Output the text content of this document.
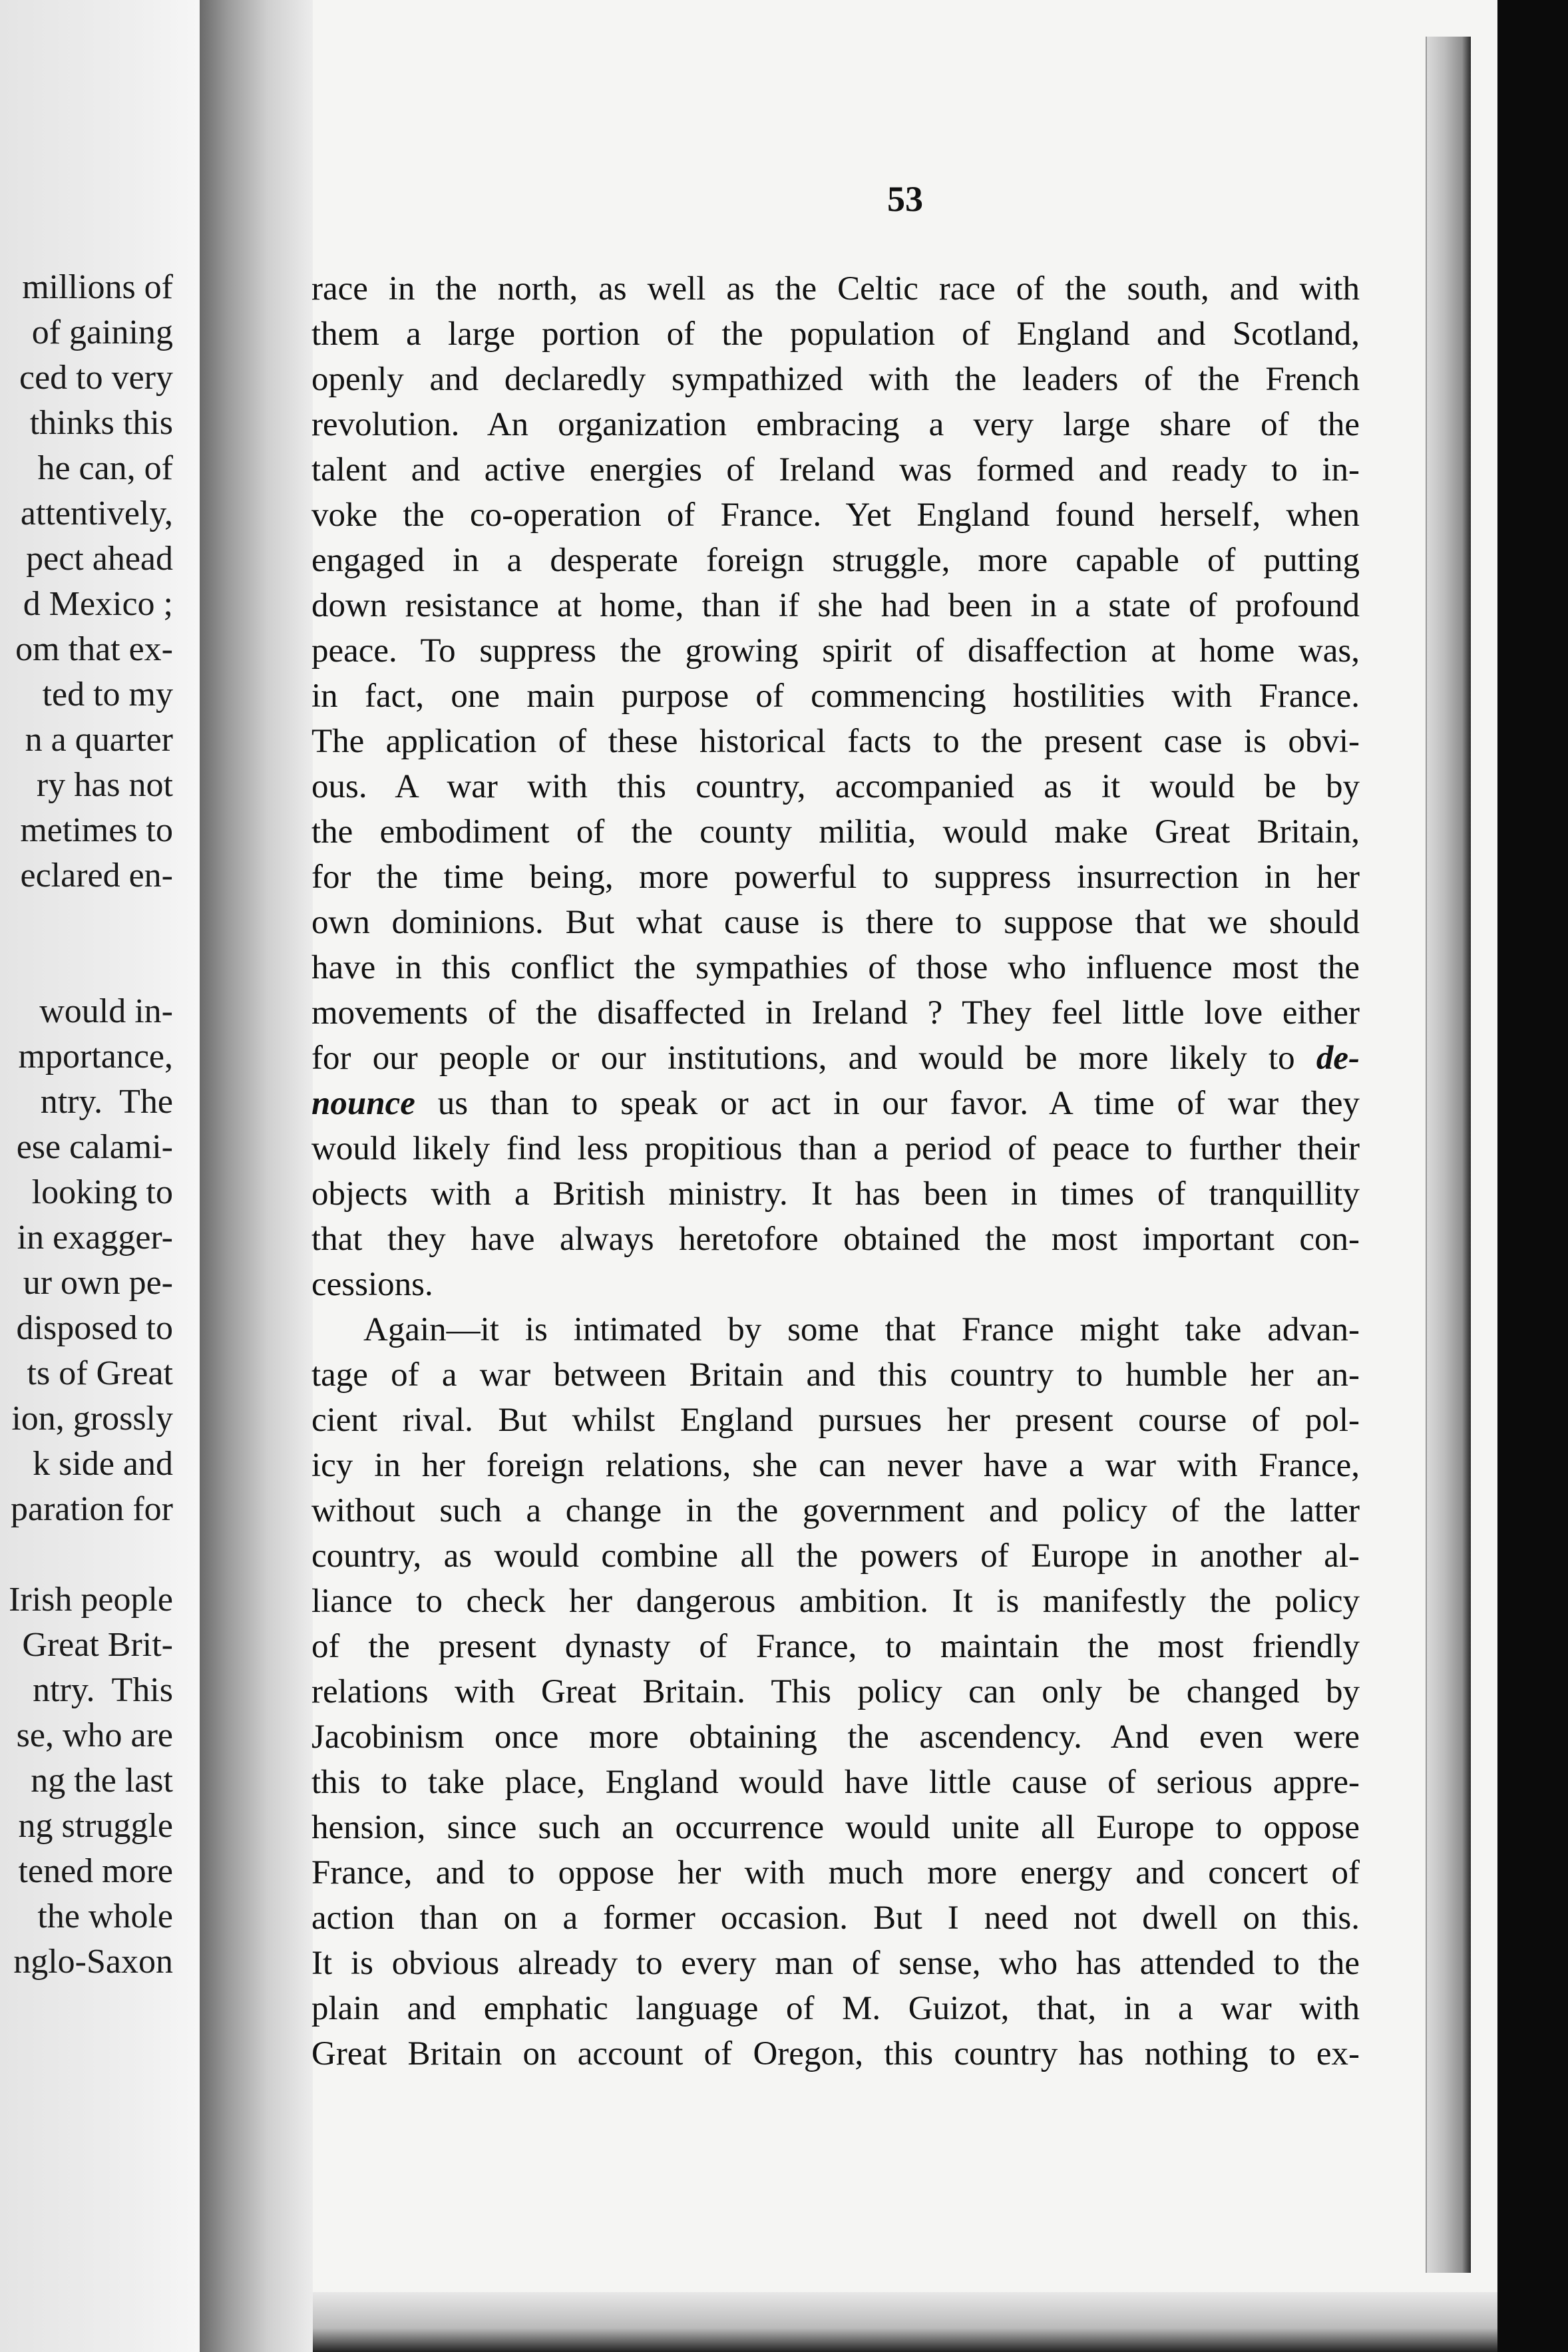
millions of
of gaining
ced to very
thinks this
he can, of
attentively,
pect ahead
d Mexico ;
om that ex-
ted to my
n a quarter
ry has not
metimes to
eclared en-
would in-
mportance,
ntry.  The
ese calami-
looking to
in exagger-
ur own pe-
disposed to
ts of Great
ion, grossly
k side and
paration for
Irish people
Great Brit-
ntry.  This
se, who are
ng the last
ng struggle
tened more
the whole
nglo-Saxon
53
race in the north, as well as the Celtic race of the south, and with
them a large portion of the population of England and Scotland,
openly and declaredly sympathized with the leaders of the French
revolution. An organization embracing a very large share of the
talent and active energies of Ireland was formed and ready to in-
voke the co-operation of France. Yet England found herself, when
engaged in a desperate foreign struggle, more capable of putting
down resistance at home, than if she had been in a state of profound
peace. To suppress the growing spirit of disaffection at home was,
in fact, one main purpose of commencing hostilities with France.
The application of these historical facts to the present case is obvi-
ous. A war with this country, accompanied as it would be by
the embodiment of the county militia, would make Great Britain,
for the time being, more powerful to suppress insurrection in her
own dominions. But what cause is there to suppose that we should
have in this conflict the sympathies of those who influence most the
movements of the disaffected in Ireland ? They feel little love either
for our people or our institutions, and would be more likely to de-
nounce us than to speak or act in our favor. A time of war they
would likely find less propitious than a period of peace to further their
objects with a British ministry. It has been in times of tranquillity
that they have always heretofore obtained the most important con-
cessions.
Again—it is intimated by some that France might take advan-
tage of a war between Britain and this country to humble her an-
cient rival. But whilst England pursues her present course of pol-
icy in her foreign relations, she can never have a war with France,
without such a change in the government and policy of the latter
country, as would combine all the powers of Europe in another al-
liance to check her dangerous ambition. It is manifestly the policy
of the present dynasty of France, to maintain the most friendly
relations with Great Britain. This policy can only be changed by
Jacobinism once more obtaining the ascendency. And even were
this to take place, England would have little cause of serious appre-
hension, since such an occurrence would unite all Europe to oppose
France, and to oppose her with much more energy and concert of
action than on a former occasion. But I need not dwell on this.
It is obvious already to every man of sense, who has attended to the
plain and emphatic language of M. Guizot, that, in a war with
Great Britain on account of Oregon, this country has nothing to ex-
